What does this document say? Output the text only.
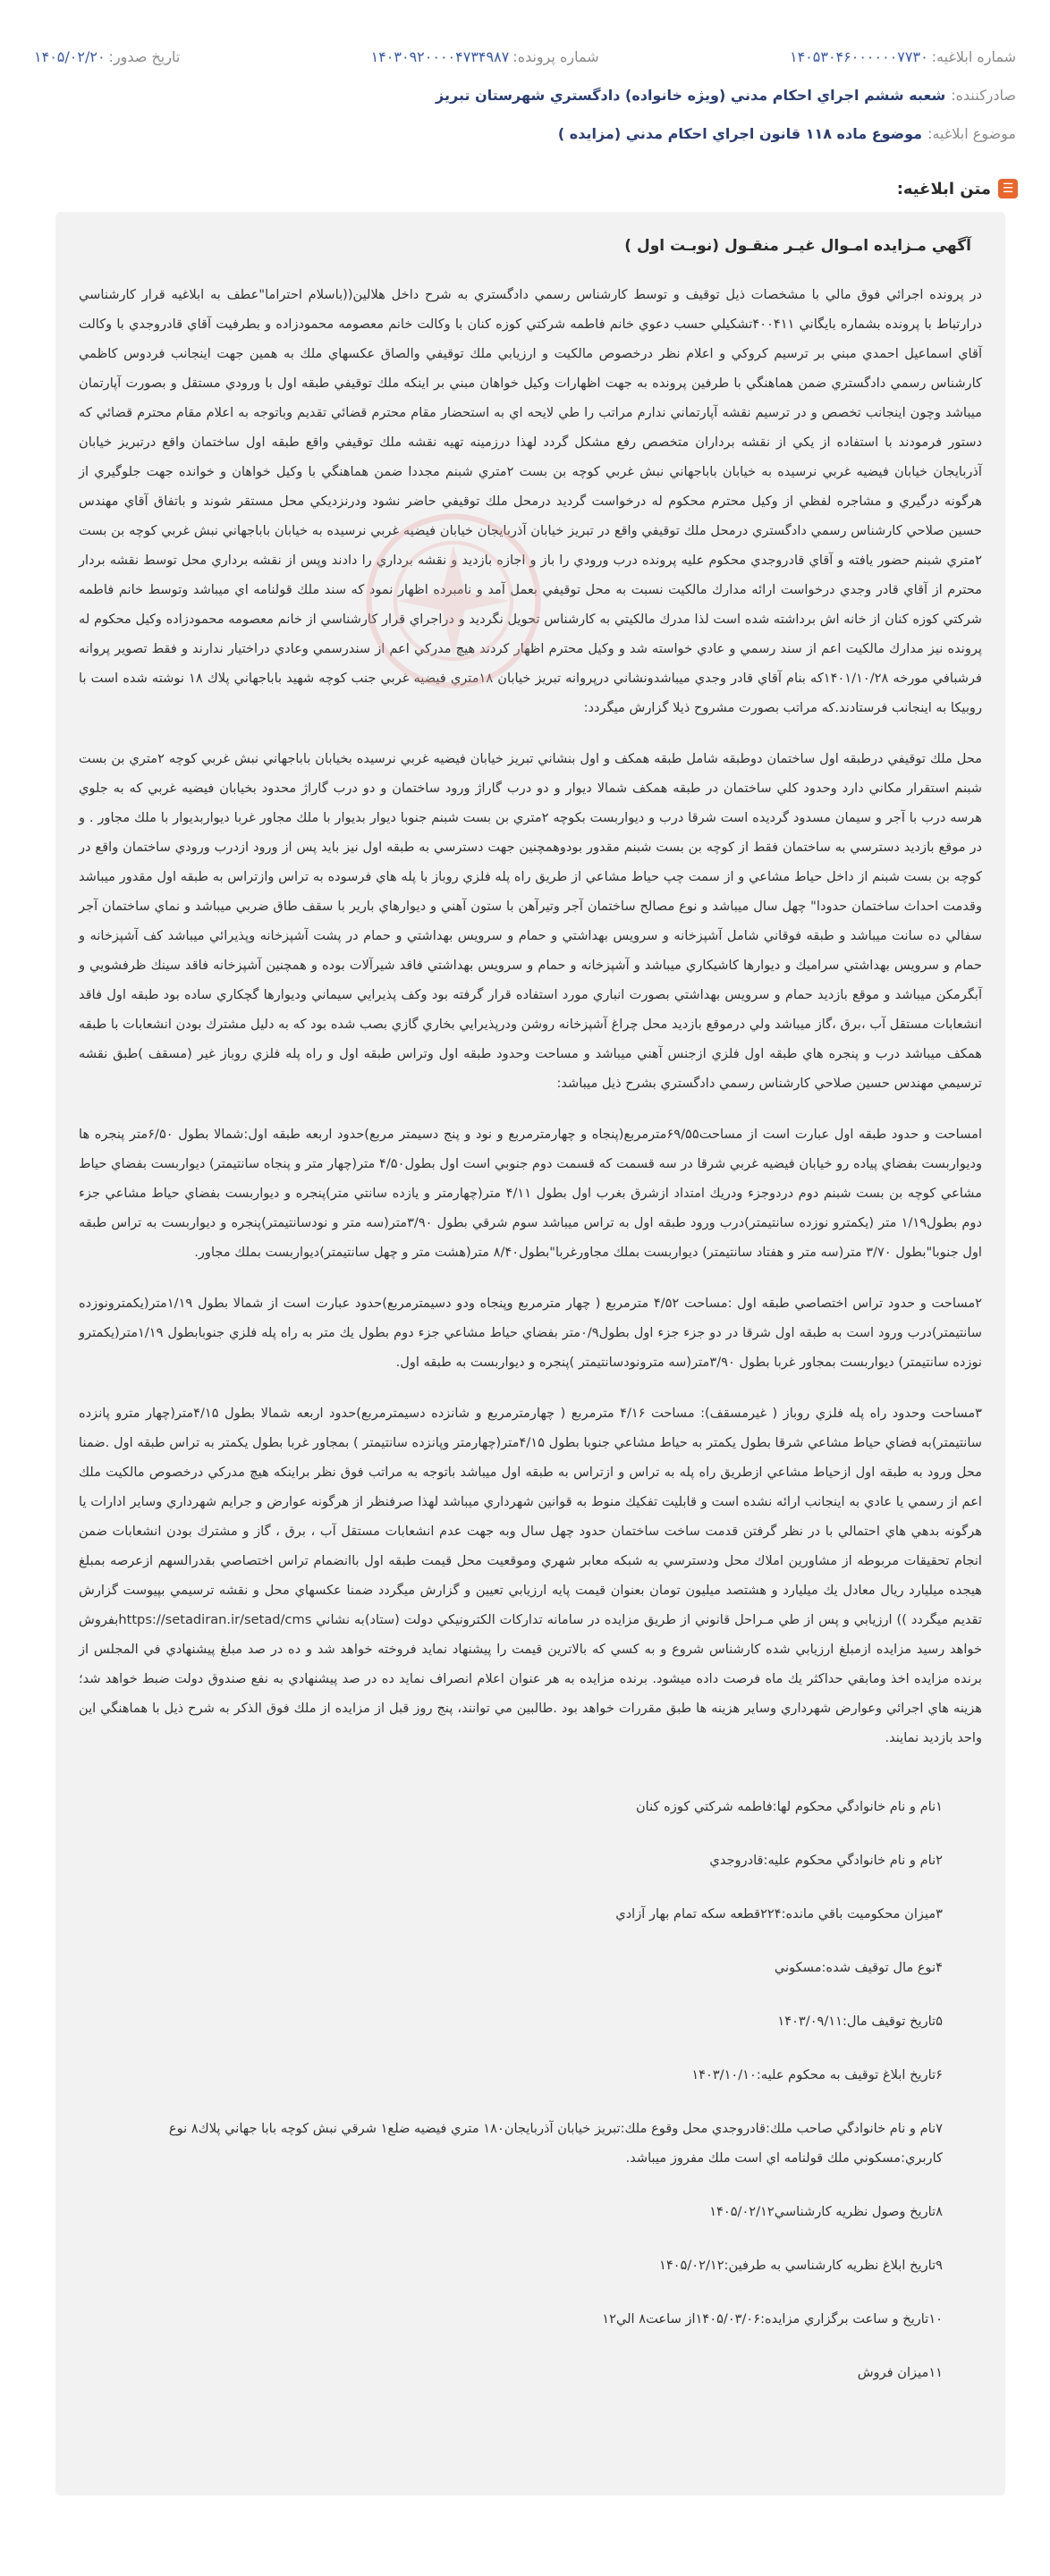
شماره ابلاغيه:
۱۴۰۵۳۰۴۶۰۰۰۰۰۰۷۷۳۰
شماره پرونده:
۱۴۰۳۰۹۲۰۰۰۰۴۷۳۴۹۸۷
تاريخ صدور:
۱۴۰۵/۰۲/۲۰
صادرکننده:
شعبه ششم اجراي احكام مدني (ويژه خانواده) دادگستري شهرستان تبريز
موضوع ابلاغیه:
موضوع ماده ۱۱۸ قانون اجراي احكام مدني (مزايده )
☰
متن ابلاغیه:
آگهي مـزايده امـوال غيـر منقـول (نوبـت اول )

در پرونده اجرائي فوق مالي با مشخصات ذيل توقيف و توسط كارشناس رسمي دادگستري به شرح داخل هلالين((باسلام احتراما"عطف به ابلاغيه قرار كارشناسي درارتباط با پرونده بشماره بايگاني ۴۰۰۴۱۱تشكيلي حسب دعوي خانم فاطمه شركتي كوزه كنان با وكالت خانم معصومه محمودزاده و بطرفيت آقاي قادروجدي با وكالت آقاي اسماعيل احمدي مبني بر ترسيم كروكي و اعلام نظر درخصوص مالكيت و ارزيابي ملك توقيفي والصاق عكسهاي ملك به همين جهت اينجانب فردوس كاظمي كارشناس رسمي دادگستري ضمن هماهنگي با طرفين پرونده به جهت اظهارات وكيل خواهان مبني بر اينكه ملك توقيفي طبقه اول با ورودي مستقل و بصورت آپارتمان ميباشد وچون اينجانب تخصص و در ترسيم نقشه آپارتماني ندارم مراتب را طي لايحه اي به استحضار مقام محترم قضائي تقديم وباتوجه به اعلام مقام محترم قضائي كه دستور فرمودند با استفاده از يكي از نقشه برداران متخصص رفع مشكل گردد لهذا درزمينه تهيه نقشه ملك توقيفي واقع طبقه اول ساختمان واقع درتبريز خيابان آذربايجان خيابان فيضيه غربي نرسيده به خيابان باباجهاني نبش غربي كوچه بن بست ۲متري شبنم مجددا ضمن هماهنگي با وكيل خواهان و خوانده جهت جلوگيري از هرگونه درگيري و مشاجره لفظي از وكيل محترم محكوم له درخواست گرديد درمحل ملك توقيفي حاضر نشود ودرنزديكي محل مستقر شوند و باتفاق آقاي مهندس حسين صلاحي كارشناس رسمي دادگستري درمحل ملك توقيفي واقع در تبريز خيابان آذربايجان خيابان فيضيه غربي نرسيده به خيابان باباجهاني نبش غربي كوچه بن بست ۲متري شبنم حضور يافته و آقاي قادروجدي محكوم عليه پرونده درب ورودي را باز و اجازه بازديد و نقشه برداري را دادند وپس از نقشه برداري محل توسط نقشه بردار محترم از آقاي قادر وجدي درخواست ارائه مدارك مالكيت نسبت به محل توقيفي بعمل آمد و نامبرده اظهار نمود كه سند ملك قولنامه اي ميباشد وتوسط خانم فاطمه شركتي كوزه كنان از خانه اش برداشته شده است لذا مدرك مالكيتي به كارشناس تحويل نگرديد و دراجراي قرار كارشناسي از خانم معصومه محمودزاده وكيل محكوم له پرونده نيز مدارك مالكيت اعم از سند رسمي و عادي خواسته شد و وكيل محترم اظهار كردند هيچ مدركي اعم از سندرسمي وعادي دراختيار ندارند و فقط تصوير پروانه فرشبافي مورخه ۱۴۰۱/۱۰/۲۸كه بنام آقاي قادر وجدي ميباشدونشاني درپروانه تبريز خيابان ۱۸متري فيضيه غربي جنب كوچه شهيد باباجهاني پلاك ۱۸ نوشته شده است با روبيكا به اينجانب فرستادند.كه مراتب بصورت مشروح ذيلا گزارش ميگردد:

محل ملك توقيفي درطبقه اول ساختمان دوطبقه شامل طبقه همكف و اول بنشاني تبريز خيابان فيضيه غربي نرسيده بخيابان باباجهاني نبش غربي كوچه ۲متري بن بست شبنم استقرار مكاني دارد وحدود كلي ساختمان در طبقه همكف شمالا ديوار و دو درب گاراژ ورود ساختمان و دو درب گاراژ محدود بخيابان فيضيه غربي كه به جلوي هرسه درب با آجر و سيمان مسدود گرديده است شرقا درب و ديواربست بكوچه ۲متري بن بست شبنم جنوبا ديوار بديوار با ملك مجاور غربا ديواربديوار با ملك مجاور . و در موقع بازديد دسترسي به ساختمان فقط از كوچه بن بست شبنم مقدور بودوهمچنين جهت دسترسي به طبقه اول نيز بايد پس از ورود ازدرب ورودي ساختمان واقع در كوچه بن بست شبنم از داخل حياط مشاعي و از سمت چپ حياط مشاعي از طريق راه پله فلزي روباز با پله هاي فرسوده به تراس وازتراس به طبقه اول مقدور ميباشد وقدمت احداث ساختمان حدودا" چهل سال ميباشد و نوع مصالح ساختمان آجر وتيرآهن با ستون آهني و ديوارهاي بارير با سقف طاق ضربي ميباشد و نماي ساختمان آجر سفالي ده سانت ميباشد و طبقه فوقاني شامل آشپزخانه و سرويس بهداشتي و حمام و سرويس بهداشتي و حمام در پشت آشپزخانه وپذيرائي ميباشد كف آشپزخانه و حمام و سرويس بهداشتي سراميك و ديوارها كاشيكاري ميباشد و آشپزخانه و حمام و سرويس بهداشتي فاقد شيرآلات بوده و همچنين آشپزخانه فاقد سينك ظرفشويي و آبگرمكن ميباشد و موقع بازديد حمام و سرويس بهداشتي بصورت انباري مورد استفاده قرار گرفته بود وكف پذيرايي سيماني وديوارها گچكاري ساده بود طبقه اول فاقد انشعابات مستقل آب ،برق ،گاز ميباشد ولي درموقع بازديد محل چراغ آشپزخانه روشن ودرپذيرايي بخاري گازي بصب شده بود كه به دليل مشترك بودن انشعابات با طبقه همكف ميباشد درب و پنجره هاي طبقه اول فلزي ازجنس آهني ميباشد و مساحت وحدود طبقه اول وتراس طبقه اول و راه پله فلزي روباز غير (مسقف )طبق نقشه ترسيمي مهندس حسين صلاحي كارشناس رسمي دادگستري بشرح ذيل ميباشد:

امساحت و حدود طبقه اول عبارت است از مساحت۶۹/۵۵مترمربع(پنجاه و چهارمترمربع و نود و پنج دسيمتر مربع)حدود اربعه طبقه اول:شمالا بطول ۶/۵۰متر پنجره ها وديواربست بفضاي پياده رو خيابان فيضيه غربي شرقا در سه قسمت كه قسمت دوم جنوبي است اول بطول۴/۵۰ متر(چهار متر و پنجاه سانتيمتر) ديواربست بفضاي حياط مشاعي كوچه بن بست شبنم دوم دردوجزء ودريك امتداد ازشرق بغرب اول بطول ۴/۱۱ متر(چهارمتر و يازده سانتي متر)پنجره و ديواربست بفضاي حياط مشاعي جزء دوم بطول۱/۱۹ متر (يكمترو نوزده سانتيمتر)درب ورود طبقه اول به تراس ميباشد سوم شرقي بطول ۳/۹۰متر(سه متر و نودسانتيمتر)پنجره و ديواربست به تراس طبقه اول جنوبا"بطول ۳/۷۰ متر(سه متر و هفتاد سانتيمتر) ديواربست بملك مجاورغربا"بطول۸/۴۰ متر(هشت متر و چهل سانتيمتر)ديواربست بملك مجاور.

۲مساحت و حدود تراس اختصاصي طبقه اول :مساحت ۴/۵۲ مترمربع ( چهار مترمربع وپنجاه ودو دسيمترمربع)حدود عبارت است از شمالا بطول ۱/۱۹متر(يكمترونوزده سانتيمتر)درب ورود است به طبقه اول شرقا در دو جزء جزء اول بطول۰/۹متر بفضاي حياط مشاعي جزء دوم بطول يك متر به راه پله فلزي جنوبابطول ۱/۱۹متر(يكمترو نوزده سانتيمتر) ديواربست بمجاور غربا بطول ۳/۹۰متر(سه مترونودسانتيمتر )پنجره و ديواربست به طبقه اول.

۳مساحت وحدود راه پله فلزي روباز ( غيرمسقف): مساحت ۴/۱۶ مترمربع ( چهارمترمربع و شانزده دسيمترمربع)حدود اربعه شمالا بطول ۴/۱۵متر(چهار مترو پانزده سانتيمتر)به فضاي حياط مشاعي شرقا بطول يكمتر به حياط مشاعي جنوبا بطول ۴/۱۵متر(چهارمتر وپانزده سانتيمتر ) بمجاور غربا بطول يكمتر به تراس طبقه اول .ضمنا محل ورود به طبقه اول ازحياط مشاعي ازطريق راه پله به تراس و ازتراس به طبقه اول ميباشد باتوجه به مراتب فوق نظر براينكه هيچ مدركي درخصوص مالكيت ملك اعم از رسمي يا عادي به اينجانب ارائه نشده است و قابليت تفكيك منوط به قوانين شهرداري ميباشد لهذا صرفنظر از هرگونه عوارض و جرايم شهرداري وساير ادارات يا هرگونه بدهي هاي احتمالي با در نظر گرفتن قدمت ساخت ساختمان حدود چهل سال وبه جهت عدم انشعابات مستقل آب ، برق ، گاز و مشترك بودن انشعابات ضمن انجام تحقيقات مربوطه از مشاورين املاك محل ودسترسي به شبكه معابر شهري وموقعيت محل قيمت طبقه اول باانضمام تراس اختصاصي بقدرالسهم ازعرصه بمبلغ هيجده ميليارد ريال معادل يك ميليارد و هشتصد ميليون تومان بعنوان قيمت پايه ارزيابي تعيين و گزارش ميگردد ضمنا عكسهاي محل و نقشه ترسيمي بپيوست گزارش تقديم ميگردد )) ارزيابي و پس از طي مـراحل قانوني از طريق مزايده در سامانه تداركات الكترونيكي دولت (ستاد)به نشاني https://setadiran.ir/setad/cmsبفروش خواهد رسيد مزايده ازمبلغ ارزيابي شده كارشناس شروع و به كسي كه بالاترين قيمت را پيشنهاد نمايد فروخته خواهد شد و ده در صد مبلغ پيشنهادي في المجلس از برنده مزايده اخذ ومابقي حداكثر يك ماه فرصت داده ميشود. برنده مزايده به هر عنوان اعلام انصراف نمايد ده در صد پيشنهادي به نفع صندوق دولت ضبط خواهد شد؛ هزينه هاي اجرائي وعوارض شهرداري وساير هزينه ها طبق مقررات خواهد بود .طالبين مي توانند، پنج روز قبل از مزايده از ملك فوق الذكر به شرح ذيل با هماهنگي اين واحد بازديد نمايند.

۱نام و نام خانوادگي محكوم لها:فاطمه شركتي كوزه كنان
۲نام و نام خانوادگي محكوم عليه:قادروجدي
۳ميزان محكوميت باقي مانده:۲۲۴قطعه سكه تمام بهار آزادي
۴نوع مال توقيف شده:مسكوني
۵تاريخ توقيف مال:۱۴۰۳/۰۹/۱۱
۶تاريخ ابلاغ توقيف به محكوم عليه:۱۴۰۳/۱۰/۱۰
۷نام و نام خانوادگي صاحب ملك:قادروجدي محل وقوع ملك:تبريز خيابان آذربايجان۱۸۰ متري فيضيه ضلع۱ شرقي نبش كوچه بابا جهاني پلاك۸ نوع كاربري:مسكوني ملك قولنامه اي است ملك مفروز ميباشد.
۸تاريخ وصول نظريه كارشناسي۱۴۰۵/۰۲/۱۲
۹تاريخ ابلاغ نظريه كارشناسي به طرفين:۱۴۰۵/۰۲/۱۲
۱۰تاريخ و ساعت برگزاري مزايده:۱۴۰۵/۰۳/۰۶از ساعت۸ الي۱۲
۱۱ميزان فروش
